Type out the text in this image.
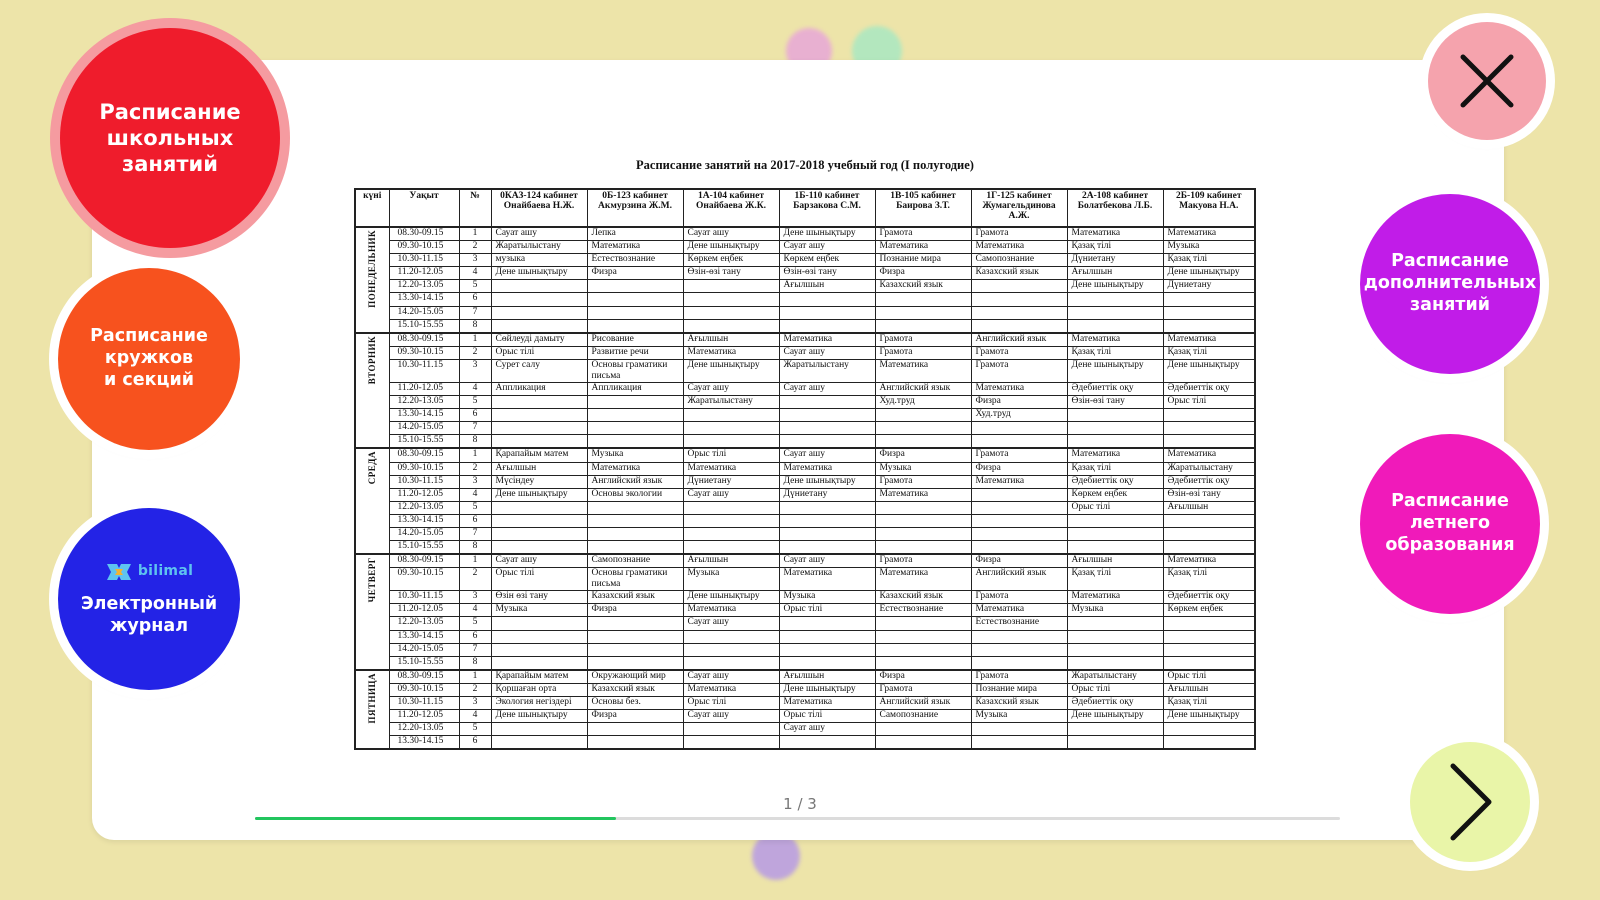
Расписание занятий на 2017-2018 учебный год (I полугодие)
күні	Уақыт	№	0КАЗ-124 кабинет Онайбаева Н.Ж.	0Б-123 кабинет Акмурзина Ж.М.	1А-104 кабинет Онайбаева Ж.К.	1Б-110 кабинет Барзакова С.М.	1В-105 кабинет Баирова З.Т.	1Г-125 кабинет Жумагельдинова А.Ж.	2А-108 кабинет Болатбекова Л.Б.	2Б-109 кабинет Макуова Н.А.
ПОНЕДЕЛЬНИК	08.30-09.15	1	Сауат ашу	Лепка	Сауат ашу	Дене шынықтыру	Грамота	Грамота	Математика	Математика
	09.30-10.15	2	Жаратылыстану	Математика	Дене шынықтыру	Сауат ашу	Математика	Математика	Қазақ тілі	Музыка
	10.30-11.15	3	музыка	Естествознание	Көркем еңбек	Көркем еңбек	Познание мира	Самопознание	Дүниетану	Қазақ тілі
	11.20-12.05	4	Дене шынықтыру	Физра	Өзін-өзі тану	Өзін-өзі тану	Физра	Казахский язык	Ағылшын	Дене шынықтыру
	12.20-13.05	5				Ағылшын	Казахский язык		Дене шынықтыру	Дүниетану
	13.30-14.15	6								
	14.20-15.05	7								
	15.10-15.55	8								
ВТОРНИК	08.30-09.15	1	Сөйлеуді дамыту	Рисование	Ағылшын	Математика	Грамота	Английский язык	Математика	Математика
	09.30-10.15	2	Орыс тілі	Развитие речи	Математика	Сауат ашу	Грамота	Грамота	Қазақ тілі	Қазақ тілі
	10.30-11.15	3	Сурет салу	Основы граматики письма	Дене шынықтыру	Жаратылыстану	Математика	Грамота	Дене шынықтыру	Дене шынықтыру
	11.20-12.05	4	Аппликация	Аппликация	Сауат ашу	Сауат ашу	Английский язык	Математика	Әдебиеттік оқу	Әдебиеттік оқу
	12.20-13.05	5			Жаратылыстану		Худ.труд	Физра	Өзін-өзі тану	Орыс тілі
	13.30-14.15	6						Худ.труд		
	14.20-15.05	7								
	15.10-15.55	8								
СРЕДА	08.30-09.15	1	Қарапайым матем	Музыка	Орыс тілі	Сауат ашу	Физра	Грамота	Математика	Математика
	09.30-10.15	2	Ағылшын	Математика	Математика	Математика	Музыка	Физра	Қазақ тілі	Жаратылыстану
	10.30-11.15	3	Мүсіндеу	Английский язык	Дүниетану	Дене шынықтыру	Грамота	Математика	Әдебиеттік оқу	Әдебиеттік оқу
	11.20-12.05	4	Дене шынықтыру	Основы экологии	Сауат ашу	Дүниетану	Математика		Көркем еңбек	Өзін-өзі тану
	12.20-13.05	5							Орыс тілі	Ағылшын
	13.30-14.15	6								
	14.20-15.05	7								
	15.10-15.55	8								
ЧЕТВЕРГ	08.30-09.15	1	Сауат ашу	Самопознание	Ағылшын	Сауат ашу	Грамота	Физра	Ағылшын	Математика
	09.30-10.15	2	Орыс тілі	Основы граматики письма	Музыка	Математика	Математика	Английский язык	Қазақ тілі	Қазақ тілі
	10.30-11.15	3	Өзін өзі тану	Казахский язык	Дене шынықтыру	Музыка	Казахский язык	Грамота	Математика	Әдебиеттік оқу
	11.20-12.05	4	Музыка	Физра	Математика	Орыс тілі	Естествознание	Математика	Музыка	Көркем еңбек
	12.20-13.05	5			Сауат ашу			Естествознание		
	13.30-14.15	6								
	14.20-15.05	7								
	15.10-15.55	8								
ПЯТНИЦА	08.30-09.15	1	Қарапайым матем	Окружающий мир	Сауат ашу	Ағылшын	Физра	Грамота	Жаратылыстану	Орыс тілі
	09.30-10.15	2	Қоршаған орта	Казахский язык	Математика	Дене шынықтыру	Грамота	Познание мира	Орыс тілі	Ағылшын
	10.30-11.15	3	Экология негіздері	Основы без.	Орыс тілі	Математика	Английский язык	Казахский язык	Әдебиеттік оқу	Қазақ тілі
	11.20-12.05	4	Дене шынықтыру	Физра	Сауат ашу	Орыс тілі	Самопознание	Музыка	Дене шынықтыру	Дене шынықтыру
	12.20-13.05	5				Сауат ашу				
	13.30-14.15	6								
1 / 3
Расписание
школьных
занятий
Расписание
кружков
и секций
bilimal
Электронный
журнал
Расписание
дополнительных
занятий
Расписание
летнего
образования
